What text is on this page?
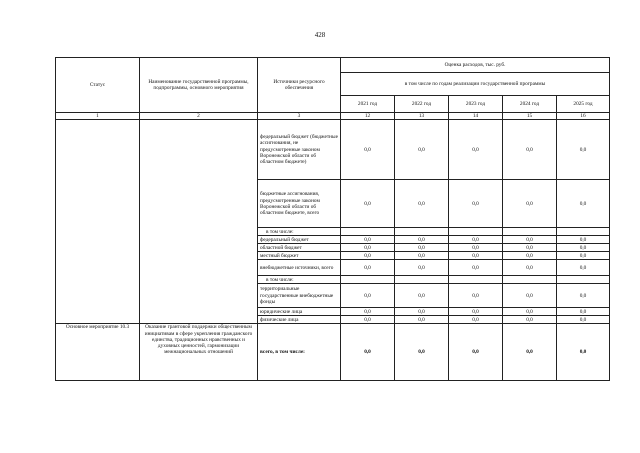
428
Статус	Наименование государственной программы, подпрограммы, основного мероприятия	Источники ресурсного обеспечения	Оценка расходов, тыс. руб.				
			в том числе по годам реализации государственной программы				
			2021 год	2022 год	2023 год	2024 год	2025 год
1	2	3	12	13	14	15	16
		федеральный бюджет (бюджетные ассигнования, не предусмотренные законом Воронежской области об областном бюджете)	0,0	0,0	0,0	0,0	0,0
		бюджетные ассигнования, предусмотренные законом Воронежской области об областном бюджете, всего	0,0	0,0	0,0	0,0	0,0
		в том числе:					
		федеральный бюджет	0,0	0,0	0,0	0,0	0,0
		областной бюджет	0,0	0,0	0,0	0,0	0,0
		местный бюджет	0,0	0,0	0,0	0,0	0,0
		внебюджетные источники, всего	0,0	0,0	0,0	0,0	0,0
		в том числе:					
		территориальные государственные внебюджетные фонды	0,0	0,0	0,0	0,0	0,0
		юридические лица	0,0	0,0	0,0	0,0	0,0
		физические лица	0,0	0,0	0,0	0,0	0,0
Основное мероприятие 10.3	Оказание грантовой поддержки общественным инициативам в сфере укрепления гражданского единства, традиционных нравственных и духовных ценностей, гармонизации межнациональных отношений	всего, в том числе:	0,0	0,0	0,0	0,0	0,0
